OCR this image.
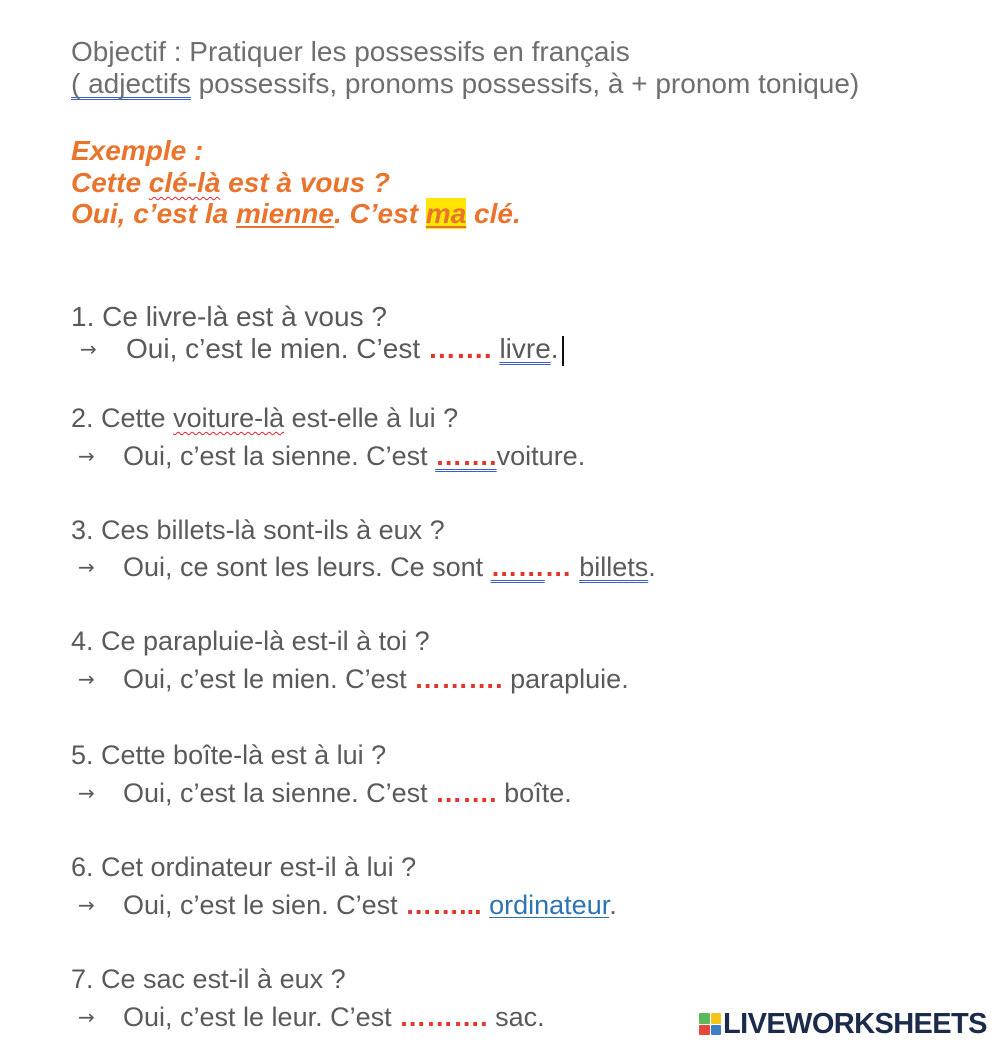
Objectif : Pratiquer les possessifs en français
( adjectifs possessifs, pronoms possessifs, à + pronom tonique)
Exemple :
Cette clé-là est à vous ?
Oui, c’est la mienne. C’est ma clé.
1. Ce livre-là est à vous ?
→ Oui, c’est le mien. C’est ……. livre.
2. Cette voiture-là est-elle à lui ?
→ Oui, c’est la sienne. C’est …….voiture.
3. Ces billets-là sont-ils à eux ?
→ Oui, ce sont les leurs. Ce sont ……… billets.
4. Ce parapluie-là est-il à toi ?
→ Oui, c’est le mien. C’est ………. parapluie.
5. Cette boîte-là est à lui ?
→ Oui, c’est la sienne. C’est ……. boîte.
6. Cet ordinateur est-il à lui ?
→ Oui, c’est le sien. C’est ……... ordinateur.
7. Ce sac est-il à eux ?
→ Oui, c’est le leur. C’est ………. sac.	LIVEWORKSHEETS
